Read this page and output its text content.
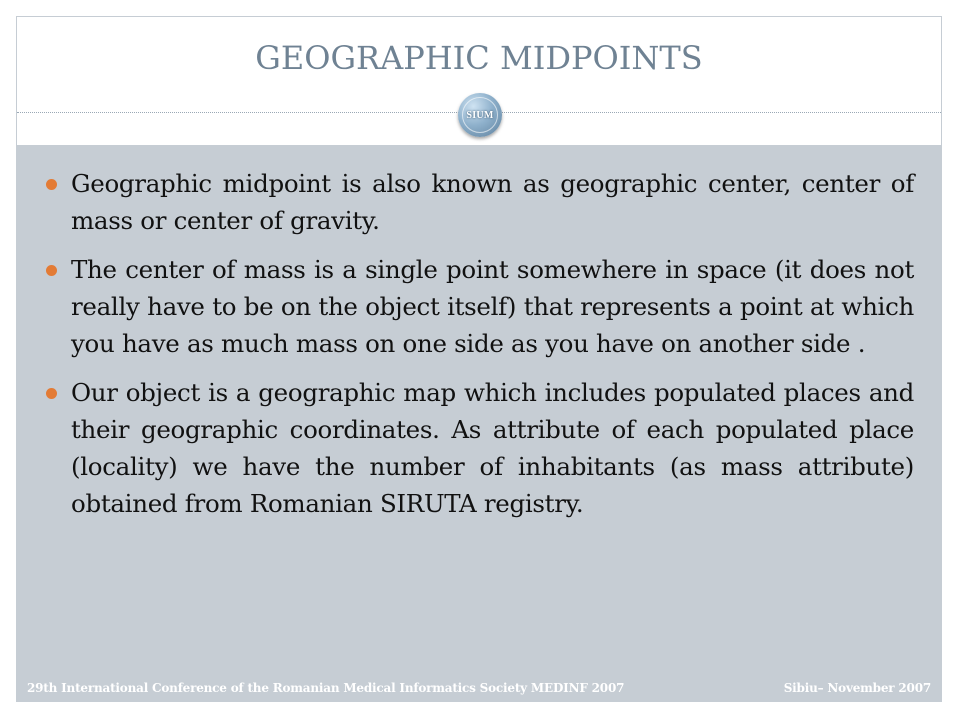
GEOGRAPHIC MIDPOINTS
SIUM
Geographic midpoint is also known as geographic center, center of mass or center of gravity.
The center of mass is a single point somewhere in space (it does not really have to be on the object itself) that represents a point at which you have as much mass on one side as you have on another side .
Our object is a geographic map which includes populated places and their geographic coordinates. As attribute of each populated place (locality) we have the number of inhabitants (as mass attribute) obtained from Romanian SIRUTA registry.
29th International Conference of the Romanian Medical Informatics Society MEDINF 2007	Sibiu– November 2007
